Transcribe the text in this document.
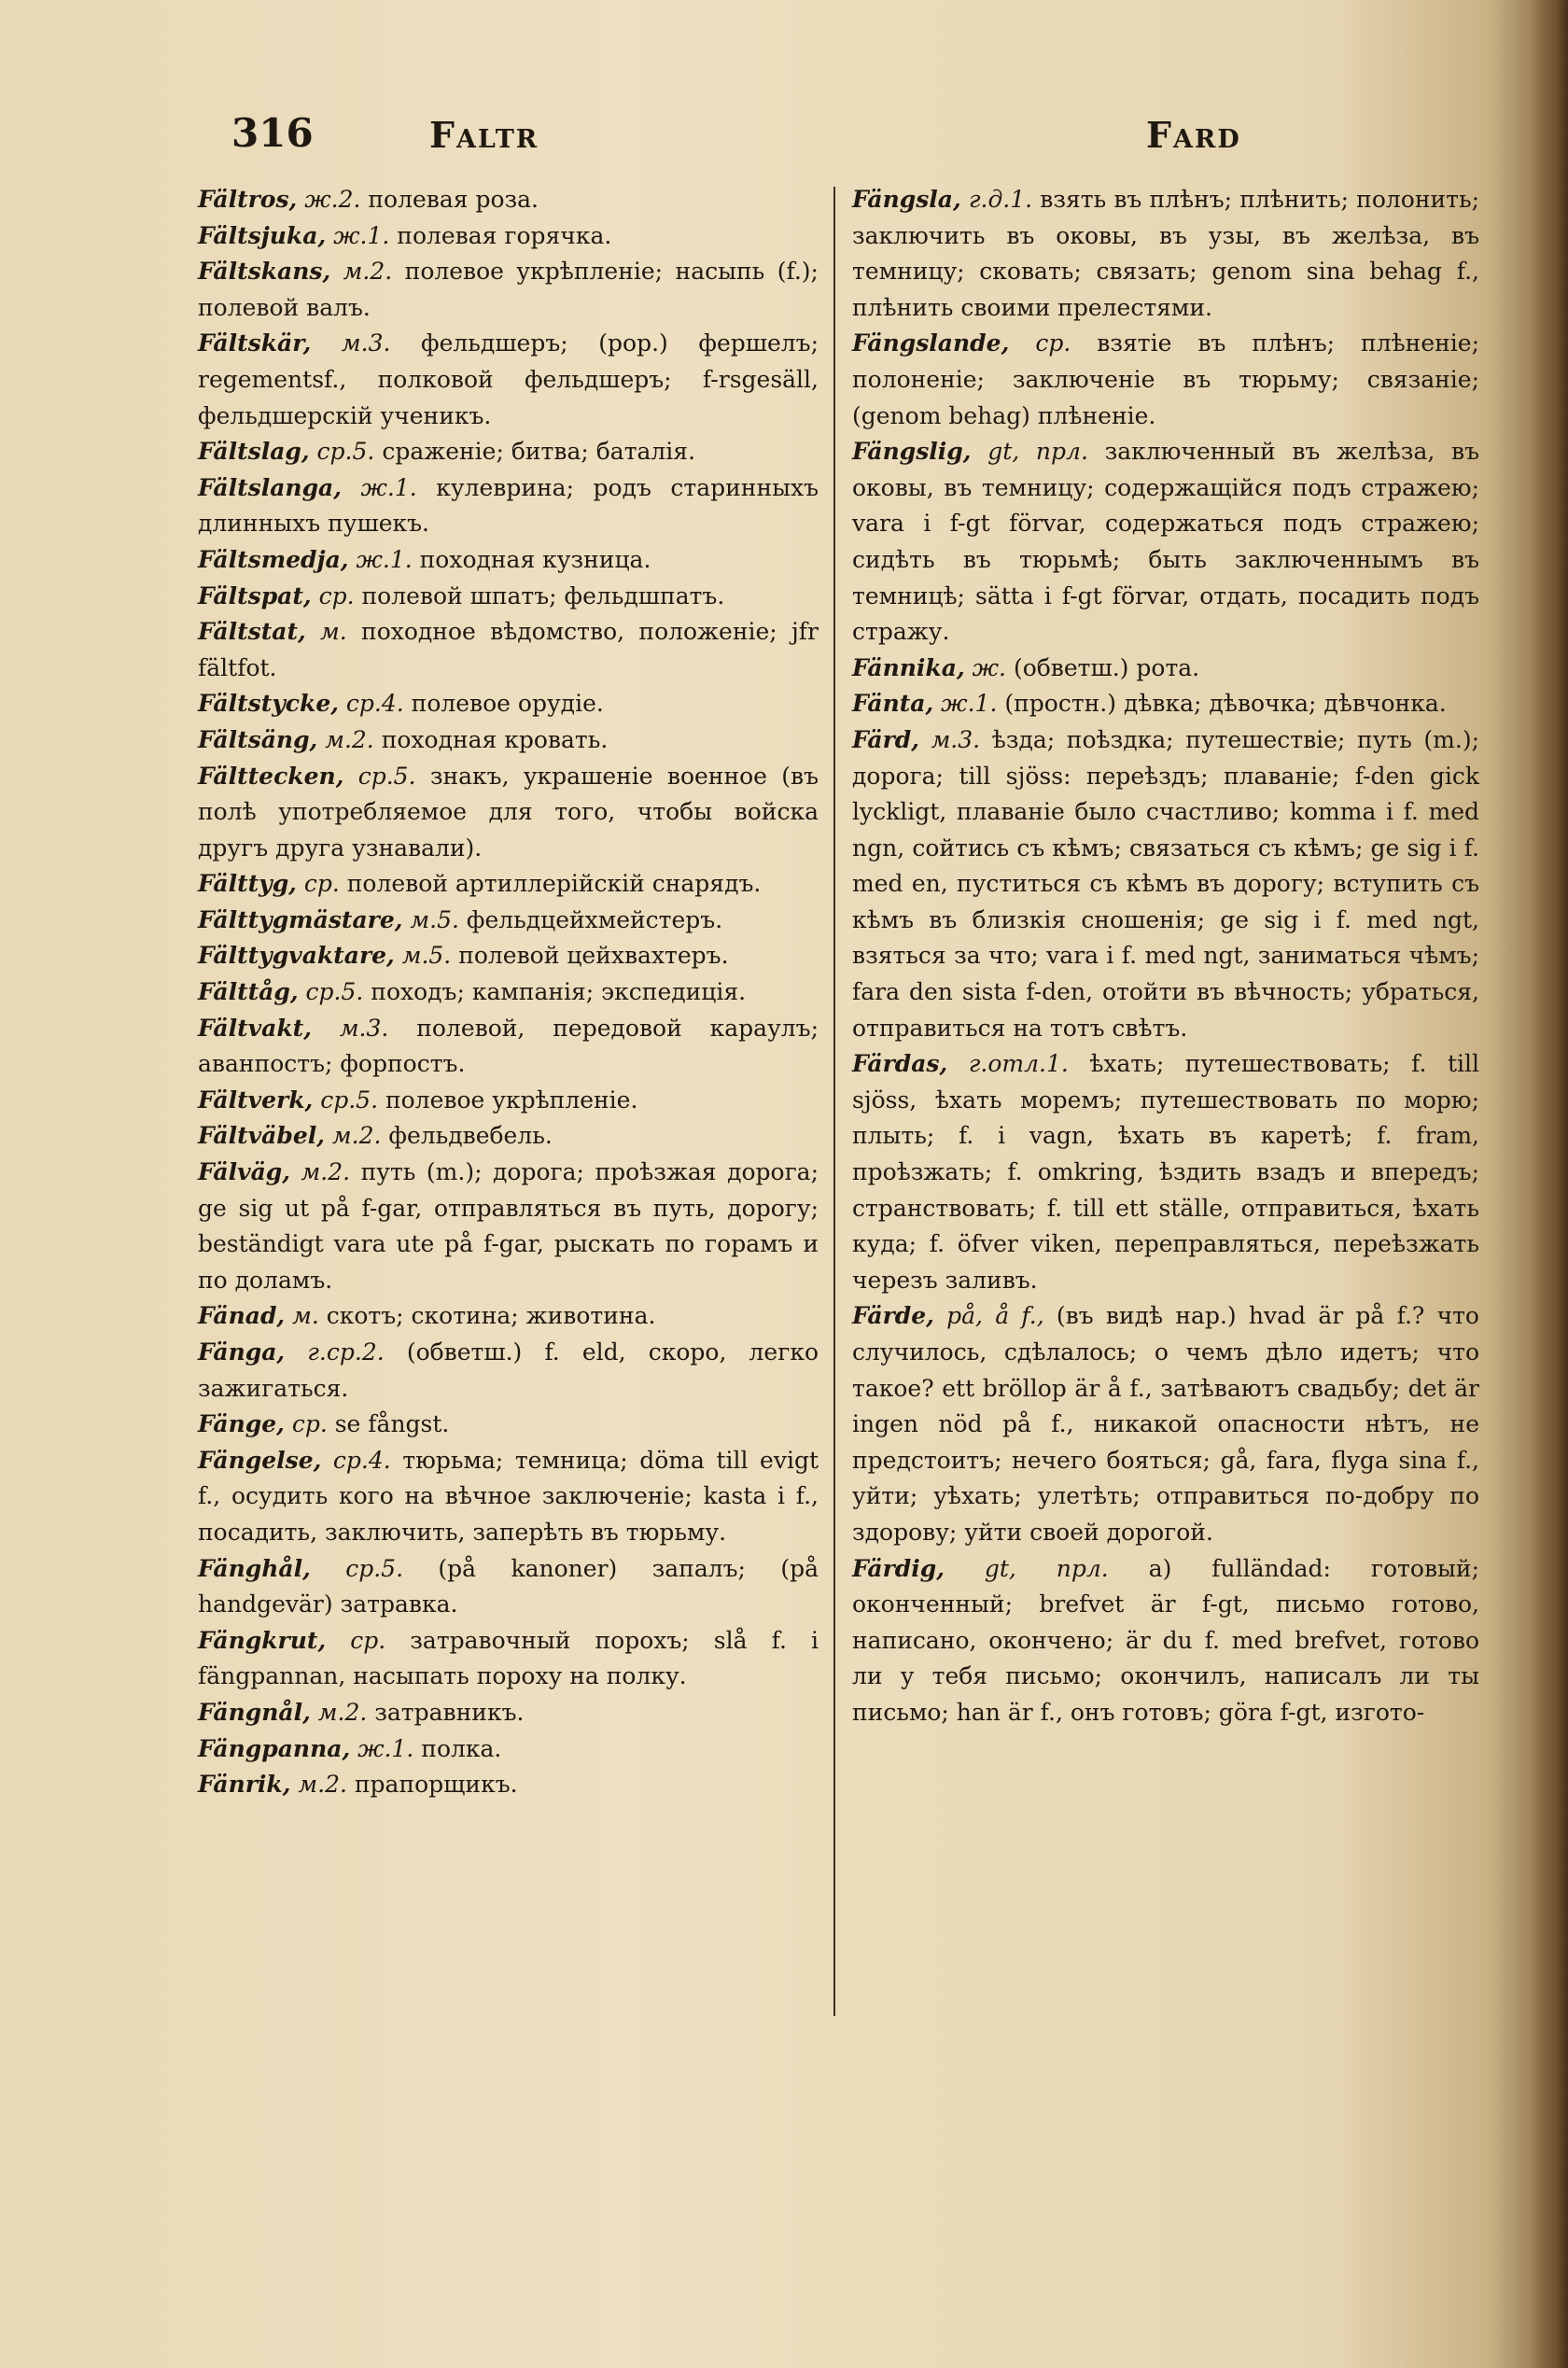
316	Faltr	Fard

Fältros, ж.2. полевая роза.

Fältsjuka, ж.1. полевая горячка.

Fältskans, м.2. полевое укрѣпленіе; насыпь (f.); полевой валъ.

Fältskär, м.3. фельдшеръ; (pop.) фершелъ; regementsf., полковой фельдшеръ; f-rsgesäll, фельдшерскій ученикъ.

Fältslag, ср.5. сраженіе; битва; баталія.

Fältslanga, ж.1. кулеврина; родъ старинныхъ длинныхъ пушекъ.

Fältsmedja, ж.1. походная кузница.

Fältspat, ср. полевой шпатъ; фельдшпатъ.

Fältstat, м. походное вѣдомство, положеніе; jfr fältfot.

Fältstycke, ср.4. полевое орудіе.

Fältsäng, м.2. походная кровать.

Fälttecken, ср.5. знакъ, украшеніе военное (въ полѣ употребляемое для того, чтобы войска другъ друга узнавали).

Fälttyg, ср. полевой артиллерійскій снарядъ.

Fälttygmästare, м.5. фельдцейхмейстеръ.

Fälttygvaktare, м.5. полевой цейхвахтеръ.

Fälttåg, ср.5. походъ; кампанія; экспедиція.

Fältvakt, м.3. полевой, передовой караулъ; аванпостъ; форпостъ.

Fältverk, ср.5. полевое укрѣпленіе.

Fältväbel, м.2. фельдвебель.

Fälväg, м.2. путь (m.); дорога; проѣзжая дорога; ge sig ut på f-gar, отправляться въ путь, дорогу; beständigt vara ute på f-gar, рыскать по горамъ и по доламъ.

Fänad, м. скотъ; скотина; животина.

Fänga, г.ср.2. (обветш.) f. eld, скоро, легко зажигаться.

Fänge, ср. se fångst.

Fängelse, ср.4. тюрьма; темница; döma till evigt f., осудить кого на вѣчное заключеніе; kasta i f., посадить, заключить, заперѣть въ тюрьму.

Fänghål, ср.5. (på kanoner) запалъ; (på handgevär) затравка.

Fängkrut, ср. затравочный порохъ; slå f. i fängpannan, насыпать пороху на полку.

Fängnål, м.2. затравникъ.

Fängpanna, ж.1. полка.

Fänrik, м.2. прапорщикъ.

Fängsla, г.д.1. взять въ плѣнъ; плѣнить; полонить; заключить въ оковы, въ узы, въ желѣза, въ темницу; сковать; связать; genom sina behag f., плѣнить своими прелестями.

Fängslande, ср. взятіе въ плѣнъ; плѣненіе; полоненіе; заключеніе въ тюрьму; связаніе; (genom behag) плѣненіе.

Fängslig, gt, прл. заключенный въ желѣза, въ оковы, въ темницу; содержащійся подъ стражею; vara i f-gt förvar, содержаться подъ стражею; сидѣть въ тюрьмѣ; быть заключеннымъ въ темницѣ; sätta i f-gt förvar, отдать, посадить подъ стражу.

Fännika, ж. (обветш.) рота.

Fänta, ж.1. (простн.) дѣвка; дѣвочка; дѣвчонка.

Färd, м.3. ѣзда; поѣздка; путешествіе; путь (m.); дорога; till sjöss: переѣздъ; плаваніе; f-den gick lyckligt, плаваніе было счастливо; komma i f. med ngn, сойтись съ кѣмъ; связаться съ кѣмъ; ge sig i f. med en, пуститься съ кѣмъ въ дорогу; вступить съ кѣмъ въ близкія сношенія; ge sig i f. med ngt, взяться за что; vara i f. med ngt, заниматься чѣмъ; fara den sista f-den, отойти въ вѣчность; убраться, отправиться на тотъ свѣтъ.

Färdas, г.отл.1. ѣхать; путешествовать; f. till sjöss, ѣхать моремъ; путешествовать по морю; плыть; f. i vagn, ѣхать въ каретѣ; f. fram, проѣзжать; f. omkring, ѣздить взадъ и впередъ; странствовать; f. till ett ställe, отправиться, ѣхать куда; f. öfver viken, переправляться, переѣзжать черезъ заливъ.

Färde, på, å f., (въ видѣ нар.) hvad är på f.? что случилось, сдѣлалось; о чемъ дѣло идетъ; что такое? ett bröllop är å f., затѣваютъ свадьбу; det är ingen nöd på f., никакой опасности нѣтъ, не предстоитъ; нечего бояться; gå, fara, flyga sina f., уйти; уѣхать; улетѣть; отправиться по-добру по здорову; уйти своей дорогой.

Färdig, gt, прл. a) fulländad: готовый; оконченный; brefvet är f-gt, письмо готово, написано, окончено; är du f. med brefvet, готово ли у тебя письмо; окончилъ, написалъ ли ты письмо; han är f., онъ готовъ; göra f-gt, изгото-
